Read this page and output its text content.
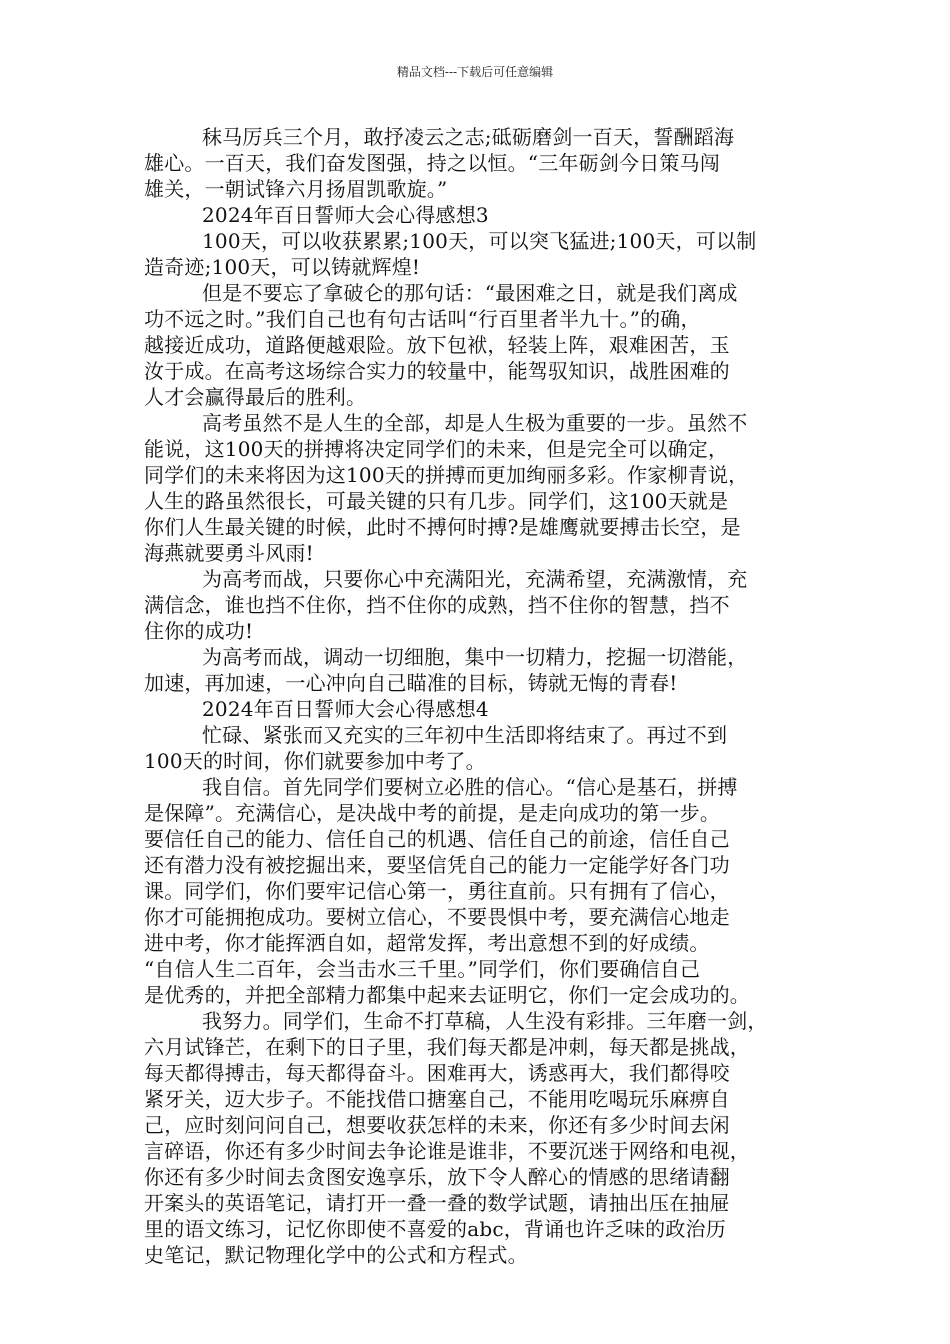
精品文档---下载后可任意编辑
秣马厉兵三个月，敢抒凌云之志;砥砺磨剑一百天，誓酬蹈海
雄心。一百天，我们奋发图强，持之以恒。“三年砺剑今日策马闯
雄关，一朝试锋六月扬眉凯歌旋。”
2024年百日誓师大会心得感想3
100天，可以收获累累;100天，可以突飞猛进;100天，可以制
造奇迹;100天，可以铸就辉煌!
但是不要忘了拿破仑的那句话：“最困难之日，就是我们离成
功不远之时。”我们自己也有句古话叫“行百里者半九十。”的确，
越接近成功，道路便越艰险。放下包袱，轻装上阵，艰难困苦，玉
汝于成。在高考这场综合实力的较量中，能驾驭知识，战胜困难的
人才会赢得最后的胜利。
高考虽然不是人生的全部，却是人生极为重要的一步。虽然不
能说，这100天的拼搏将决定同学们的未来，但是完全可以确定，
同学们的未来将因为这100天的拼搏而更加绚丽多彩。作家柳青说，
人生的路虽然很长，可最关键的只有几步。同学们，这100天就是
你们人生最关键的时候，此时不搏何时搏?是雄鹰就要搏击长空，是
海燕就要勇斗风雨!
为高考而战，只要你心中充满阳光，充满希望，充满激情，充
满信念，谁也挡不住你，挡不住你的成熟，挡不住你的智慧，挡不
住你的成功!
为高考而战，调动一切细胞，集中一切精力，挖掘一切潜能，
加速，再加速，一心冲向自己瞄准的目标，铸就无悔的青春!
2024年百日誓师大会心得感想4
忙碌、紧张而又充实的三年初中生活即将结束了。再过不到
100天的时间，你们就要参加中考了。
我自信。首先同学们要树立必胜的信心。“信心是基石，拼搏
是保障”。充满信心，是决战中考的前提，是走向成功的第一步。
要信任自己的能力、信任自己的机遇、信任自己的前途，信任自己
还有潜力没有被挖掘出来，要坚信凭自己的能力一定能学好各门功
课。同学们，你们要牢记信心第一，勇往直前。只有拥有了信心，
你才可能拥抱成功。要树立信心，不要畏惧中考，要充满信心地走
进中考，你才能挥洒自如，超常发挥，考出意想不到的好成绩。
“自信人生二百年，会当击水三千里。”同学们，你们要确信自己
是优秀的，并把全部精力都集中起来去证明它，你们一定会成功的。
我努力。同学们，生命不打草稿，人生没有彩排。三年磨一剑，
六月试锋芒，在剩下的日子里，我们每天都是冲刺，每天都是挑战，
每天都得搏击，每天都得奋斗。困难再大，诱惑再大，我们都得咬
紧牙关，迈大步子。不能找借口搪塞自己，不能用吃喝玩乐麻痹自
己，应时刻问问自己，想要收获怎样的未来，你还有多少时间去闲
言碎语，你还有多少时间去争论谁是谁非，不要沉迷于网络和电视，
你还有多少时间去贪图安逸享乐，放下令人醉心的情感的思绪请翻
开案头的英语笔记，请打开一叠一叠的数学试题，请抽出压在抽屉
里的语文练习，记忆你即使不喜爱的abc，背诵也许乏味的政治历
史笔记，默记物理化学中的公式和方程式。
